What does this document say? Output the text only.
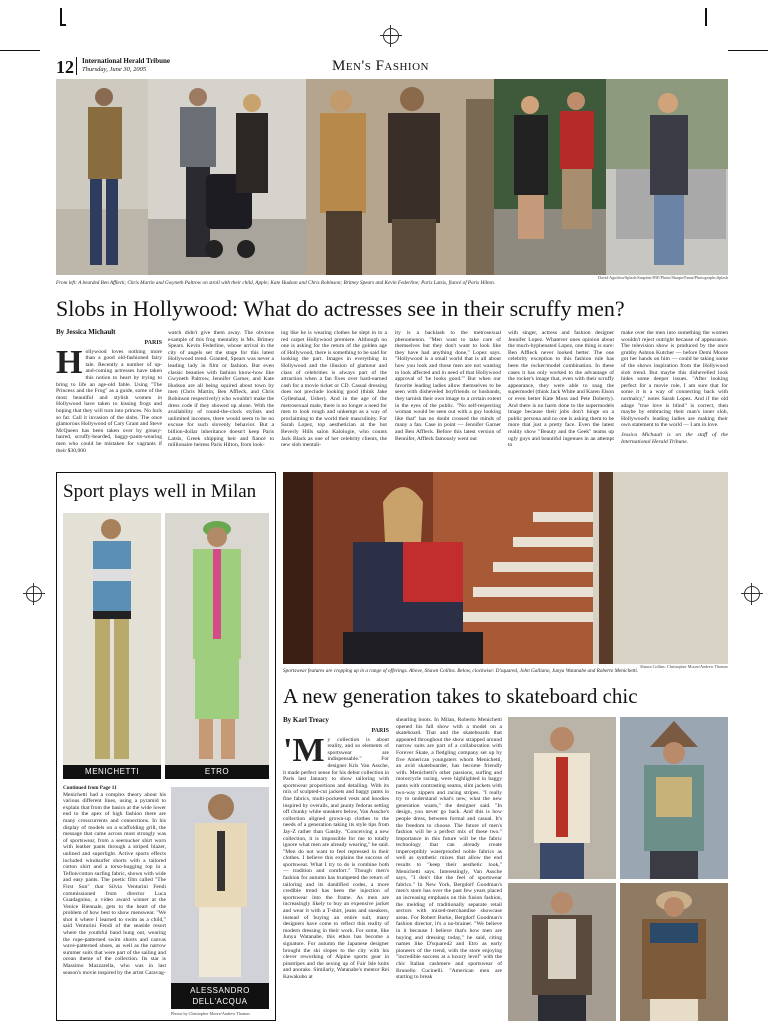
12 International Herald Tribune
Thursday, June 30, 2005	Men's Fashion
David Aguilera/Splash/Snapfair/INF/Photo/Sharpe/Fame/Photographs;Splash
From left: A bearded Ben Affleck; Chris Martin and Gwyneth Paltrow on stroll with their child, Apple; Kate Hudson and Chris Robinson; Britney Spears and Kevin Federline; Paris Latsis, fiancé of Paris Hilton.
Slobs in Hollywood: What do actresses see in their scruffy men?
By Jessica Michault
PARIS
H ollywood loves nothing more than a good old-fashioned fairy tale. Recently a number of up-and-coming actresses have taken this notion to heart by trying to bring to life an age-old fable. Using "The Princess and the Frog" as a guide, some of the most beautiful and stylish women in Hollywood have taken to kissing frogs and hoping that they will turn into princes. No luck so far. Call it invasion of the slobs. The once glamorous Hollywood of Cary Grant and Steve McQueen has been taken over by greasy-haired, scruffy-bearded, baggy-pants-wearing men who could be mistaken for vagrants if their $30,000
watch didn't give them away. The obvious example of this frog mentality is Ms. Britney Spears. Kevin Federline, whose arrival in the city of angels set the stage for this latest Hollywood trend. Granted, Spears was never a leading lady in film or fashion. But even classic beauties with fashion know-how like Gwyneth Paltrow, Jennifer Garner, and Kate Hudson are all being squired about town by men (Chris Martin, Ben Affleck, and Chris Robinson respectively) who wouldn't make the dress code if they showed up alone. With the availability of round-the-clock stylists and unlimited incomes, there would seem to be no excuse for such slovenly behavior. But a billion-dollar inheritance doesn't keep Paris Latsis, Greek shipping heir and fiancé to millionaire heiress Paris Hilton, from look-
ing like he is wearing clothes he slept in to a red carpet Hollywood premiere. Although no one is asking for the return of the golden age of Hollywood, there is something to be said for looking the part. Images in everything in Hollywood and the illusion of glamour and class of celebrities is always part of the attraction when a fan fixes over hard-earned cash for a movie ticket or CD. Casual dressing does not preclude looking good (think Jake Gyllenhaal, Usher). And in the age of the metrosexual male, there is no longer a need for men to look rough and unkempt as a way of proclaiming to the world their masculinity. For Sarah Lopez, top aesthetician at the hot Beverly Hills salon Kalologie, who counts Jack Black as one of her celebrity clients, the new slob mentali-
ity is a backlash to the metrosexual phenomenon. "Men want to take care of themselves but they don't want to look like they have had anything done," Lopez says. "Hollywood is a small world that is all about how you look and those men are not wanting to look affected and in need of that Hollywood approval of 'he looks good.'" But when our favorite leading ladies allow themselves to be seen with disheveled boyfriends or husbands, they tarnish their own image to a certain extent in the eyes of the public. "No self-respecting woman would be seen out with a guy looking like that" has no doubt crossed the minds of many a fan. Case in point — Jennifer Garner and Ben Affleck. Before this latest version of Bennifer, Affleck famously went out
with singer, actress and fashion designer Jennifer Lopez. Whatever ones opinion about the much-hyphenated Lopez, one thing is sure: Ben Affleck never looked better. The one celebrity exception to this fashion rule has been the rocker/model combination. In these cases it has only worked to the advantage of the rocker's image that, even with their scruffy appearance, they were able to snag the supermodel (think Jack White and Karen Elson or even better Kate Moss and Pete Doherty). And there is no harm done to the supermodels image because their jobs don't hinge on a public persona and no one is asking them to be more that just a pretty face. Even the latest reality show "Beauty and the Geek" teams up ugly guys and beautiful ingenues in an attempt to
make over the men into something the women wouldn't reject outright because of appearance. The television show is produced by the once grubby Ashton Kutcher — before Demi Moore got her hands on him — could be taking some of the shows inspiration from the Hollywood slob trend. But maybe this dishevelled look hides some deeper issues. "After looking perfect for a movie role, I am sure that for some it is a way of connecting back with normalcy," notes Sarah Lopez. And if the old adage "true love is blind" is correct, then maybe by embracing their man's inner slob, Hollywood's leading ladies are making their own statement to the world — I am in love.
Jessica Michault is on the staff of the International Herald Tribune.
Sport plays well in Milan
MENICHETTI	ETRO
Continued from Page 11
Menichetti had a complex theory about his various different lines, using a pyramid to explain that from the basics at the wide lower end to the apex of high fashion there are many crosscurrents and connections. In his display of models on a scaffolding grill, the message that came across most strongly was of sportswear, from a seersucker shirt worn with leather pants through a striped blazer, unlined and superlight. Active sports effects included windsurfer shorts with a tailored cotton shirt and a torso-hugging top in a Teflon/cotton surfing fabric, shown with wide and easy pants. The poetic film called "The First Sun" that Silvia Venturini Fendi commissioned from director Luca Guadagnino, a video award winner at the Venice Biennale, gets to the heart of the problem of how best to show menswear. "We shot it where I learned to swim as a child," said Venturini Fendi of the seaside resort where the youthful band hung out, wearing the rope-patterned swim shorts and canvas wave-patterned shoes, as well as the narrow summer suits that were part of the sailing and ocean theme of the collection. Its star is Massimo Mazzarella, who was in last season's movie inspired by the artist Caravag-
ALESSANDRO DELL'ACQUA
Photos by Christopher Moore/Andrew Thomas
Shawn Collins: Christopher Moore/Andrew Thomas
Sportswear features are cropping up in a range of offerings. Above, Shawn Collins. Below, clockwise: D'squared, John Galliano, Junya Watanabe and Roberto Menichetti.
A new generation takes to skateboard chic
By Karl Treacy
PARIS
'M y collection is about reality, and so elements of sportswear are indispensable." For designer Kris Van Assche, it made perfect sense for his debut collection in Paris last January to show tailoring with sportswear proportions and detailing. With its mix of sculpted-cut jackets and baggy pants in fine fabrics, multi-pocketed vests and hoodies inspired by overalls, and jaunty fedoras setting off chunky white sneakers below, Van Assche's collection aligned grown-up clothes to the needs of a generation taking its style tips from Jay-Z rather than Gatsby. "Conceiving a new collection, it is impossible for me to totally ignore what men are already wearing," he said. "Men do not want to feel repressed in their clothes. I believe this explains the success of sportswear. What I try to do is combine both — tradition and comfort." Though men's fashion for autumn has trumpeted the return of tailoring and its dandified codes, a more credible trend has been the injection of sportswear into the frame. As men are increasingly likely to buy an expensive jacket and wear it with a T-shirt, jeans and sneakers, instead of buying an entire suit, many designers have come to reflect this reality of modern dressing in their work. For some, like Junya Watanabe, this ethos has become a signature. For autumn the Japanese designer brought the ski slopes to the city with his clever reworking of Alpine sports gear in pinstripes and the sexing up of Fair Isle knits and anoraks. Similarly, Watanabe's mentor Rei Kawakubo at
shearling boots. In Milan, Roberto Menichetti opened his fall show with a model on a skateboard. That and the skateboards that appeared throughout the show strapped around narrow suits are part of a collaboration with Forever Skate, a fledgling company set up by five American youngsters whom Menichetti, an avid skateboarder, has become friendly with. Menichetti's other passions, surfing and motorcycle racing, were highlighted in baggy pants with contrasting seams, slim jackets with two-way zippers and racing stripes. "I really try to understand what's new, what the new generation wants," the designer said. "In design, you never go back. And this is how people dress, between formal and casual. It's the freedom to choose. The future of men's fashion will be a perfect mix of these two." Importance in this future will be the fabric technology that can already create imperceptibly waterproofed noble fabrics as well as synthetic mixes that allow the end results to "keep their aesthetic look," Menichetti says. Interestingly, Van Assche says, "I don't like the feel of sportswear fabrics." In New York, Bergdorf Goodman's men's store has over the past few years placed an increasing emphasis on this fusion fashion, the melding of traditionally separate retail sectors with mixed-merchandise showcase areas. For Robert Burke, Bergdorf Goodman's fashion director, it's a no-brainer. "We believe in it because I believe that's how men are buying and dressing today," he said, citing names like D'squared2 and Etro as early pioneers of the trend, with the store enjoying "incredible success at a luxury level" with the chic Italian cashmere and sportswear of Brunello Cucinelli. "American men are starting to break
